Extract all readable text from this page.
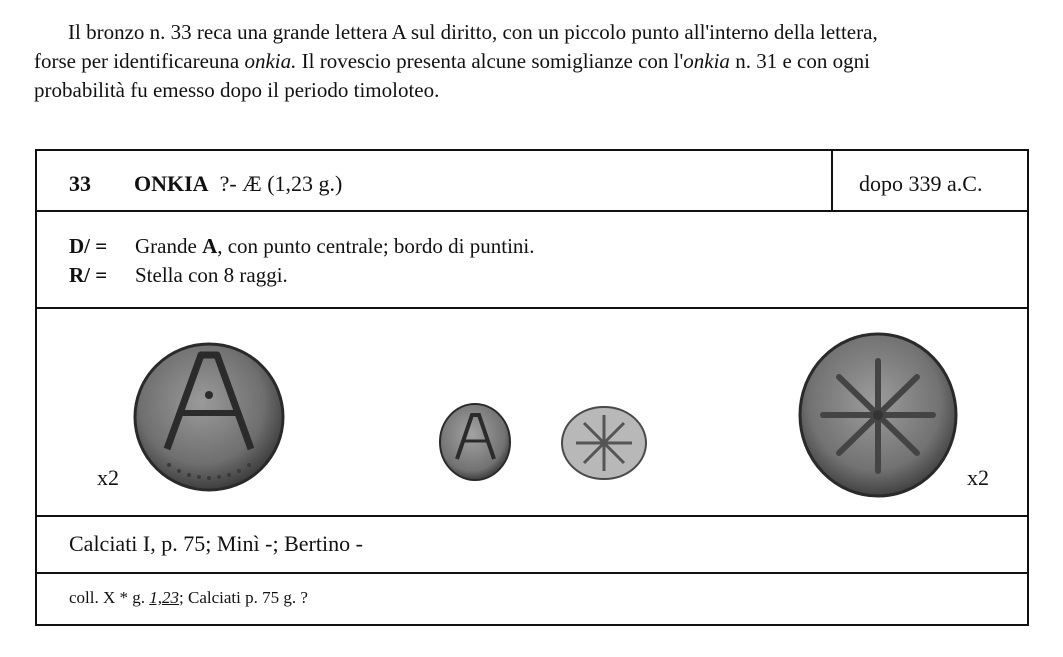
Il bronzo n. 33 reca una grande lettera A sul diritto, con un piccolo punto all'interno della lettera,
forse per identificareuna onkia. Il rovescio presenta alcune somiglianze con l'onkia n. 31 e con ogni
probabilità fu emesso dopo il periodo timoloteo.

33 ONKIA ?- Æ (1,23 g.)	dopo 339 a.C.
D/ = Grande A, con punto centrale; bordo di puntini.
R/ = Stella con 8 raggi.
x2	x2
Calciati I, p. 75; Minì -; Bertino -
coll. X * g. 1,23; Calciati p. 75 g. ?
